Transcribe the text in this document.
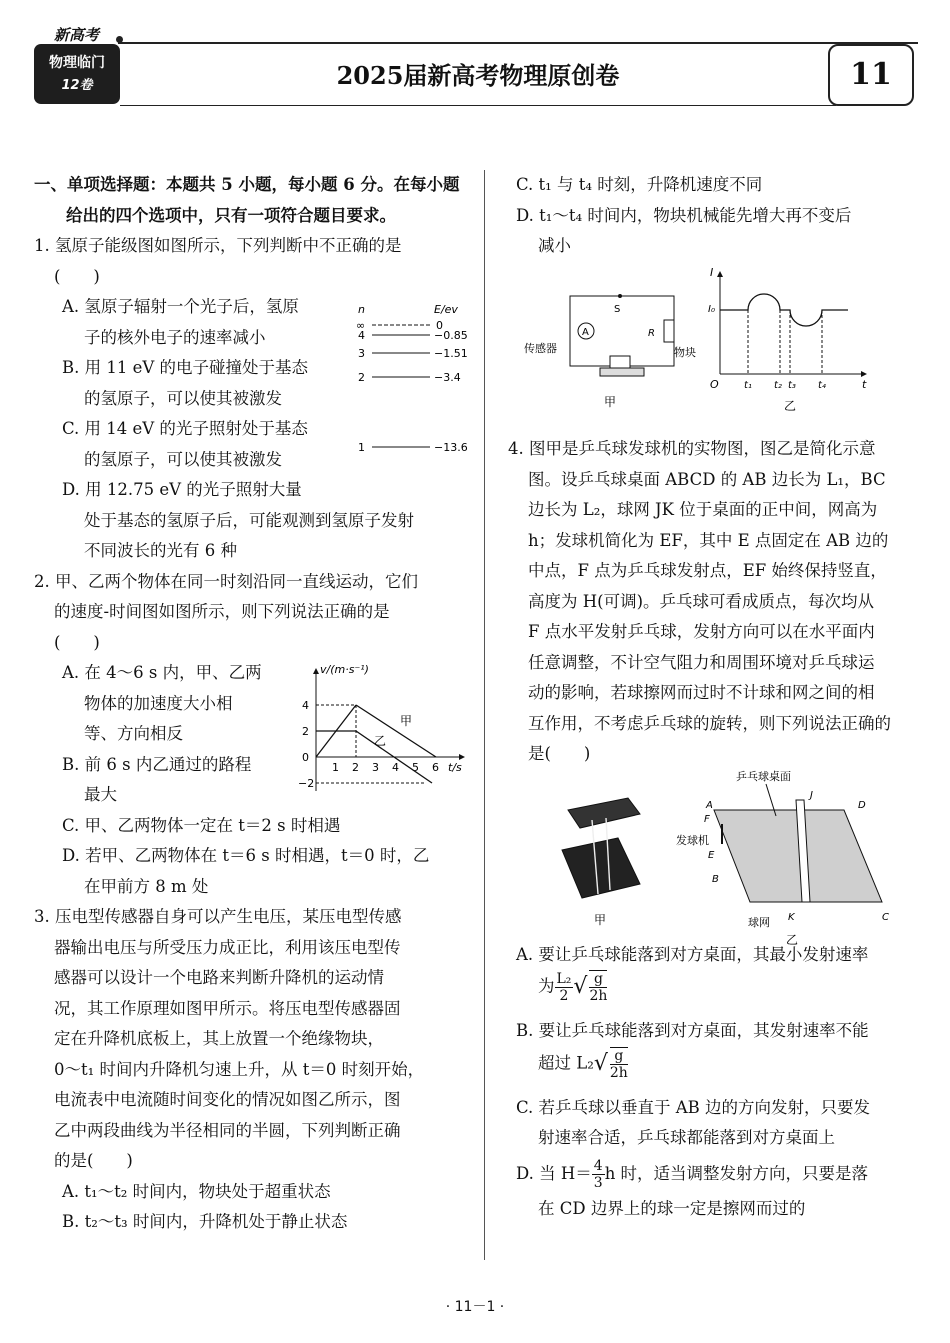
新高考
物理临门
12卷	2025届新高考物理原创卷	11
一、单项选择题：本题共 5 小题，每小题 6 分。在每小题给出的四个选项中，只有一项符合题目要求。
1. 氢原子能级图如图所示，下列判断中不正确的是
(　　)
A. 氢原子辐射一个光子后，氢原
子的核外电子的速率减小
B. 用 11 eV 的电子碰撞处于基态
的氢原子，可以使其被激发
C. 用 14 eV 的光子照射处于基态
的氢原子，可以使其被激发
D. 用 12.75 eV 的光子照射大量
处于基态的氢原子后，可能观测到氢原子发射
不同波长的光有 6 种
n	E/ev
∞	0
4	−0.85
3	−1.51
2	−3.4
1	−13.6
2. 甲、乙两个物体在同一时刻沿同一直线运动，它们
的速度-时间图如图所示，则下列说法正确的是
(　　)
A. 在 4～6 s 内，甲、乙两
物体的加速度大小相
等、方向相反
B. 前 6 s 内乙通过的路程
最大
C. 甲、乙两物体一定在 t＝2 s 时相遇
D. 若甲、乙两物体在 t＝6 s 时相遇，t＝0 时，乙
在甲前方 8 m 处
v/(m·s⁻¹)
t/s
4
2
0
−2
1 2 3 4 5 6
甲
乙
3. 压电型传感器自身可以产生电压，某压电型传感
器输出电压与所受压力成正比，利用该压电型传
感器可以设计一个电路来判断升降机的运动情
况，其工作原理如图甲所示。将压电型传感器固
定在升降机底板上，其上放置一个绝缘物块，
0～t₁ 时间内升降机匀速上升，从 t＝0 时刻开始，
电流表中电流随时间变化的情况如图乙所示，图
乙中两段曲线为半径相同的半圆，下列判断正确
的是(　　)
A. t₁～t₂ 时间内，物块处于超重状态
B. t₂～t₃ 时间内，升降机处于静止状态
C. t₁ 与 t₄ 时刻，升降机速度不同
D. t₁～t₄ 时间内，物块机械能先增大再不变后
减小
A
S
R
传感器	物块
甲
I
I₀
O	t
t₁ t₂ t₃ t₄
乙
4. 图甲是乒乓球发球机的实物图，图乙是简化示意
图。设乒乓球桌面 ABCD 的 AB 边长为 L₁，BC
边长为 L₂，球网 JK 位于桌面的正中间，网高为
h；发球机简化为 EF，其中 E 点固定在 AB 边的
中点，F 点为乒乓球发射点，EF 始终保持竖直，
高度为 H(可调)。乒乓球可看成质点，每次均从
F 点水平发射乒乓球，发射方向可以在水平面内
任意调整，不计空气阻力和周围环境对乒乓球运
动的影响，若球擦网而过时不计球和网之间的相
互作用，不考虑乒乓球的旋转，则下列说法正确的
是(　　)
甲
乒乓球桌面
发球机
球网
A
F
E
B
C
D
J
K
乙
A. 要让乒乓球能落到对方桌面，其最小发射速率
为 $\frac{\text{L₂}}{2}$ √ $\frac{g}{2h}$
B. 要让乒乓球能落到对方桌面，其发射速率不能
超过 $L_2√ \frac{g}{2h}$
C. 若乒乓球以垂直于 AB 边的方向发射，只要发
射速率合适，乒乓球都能落到对方桌面上
D. 当 $H= \frac{4}{3}$ h 时，适当调整发射方向，只要是落
在 CD 边界上的球一定是擦网而过的
· 11－1 ·
